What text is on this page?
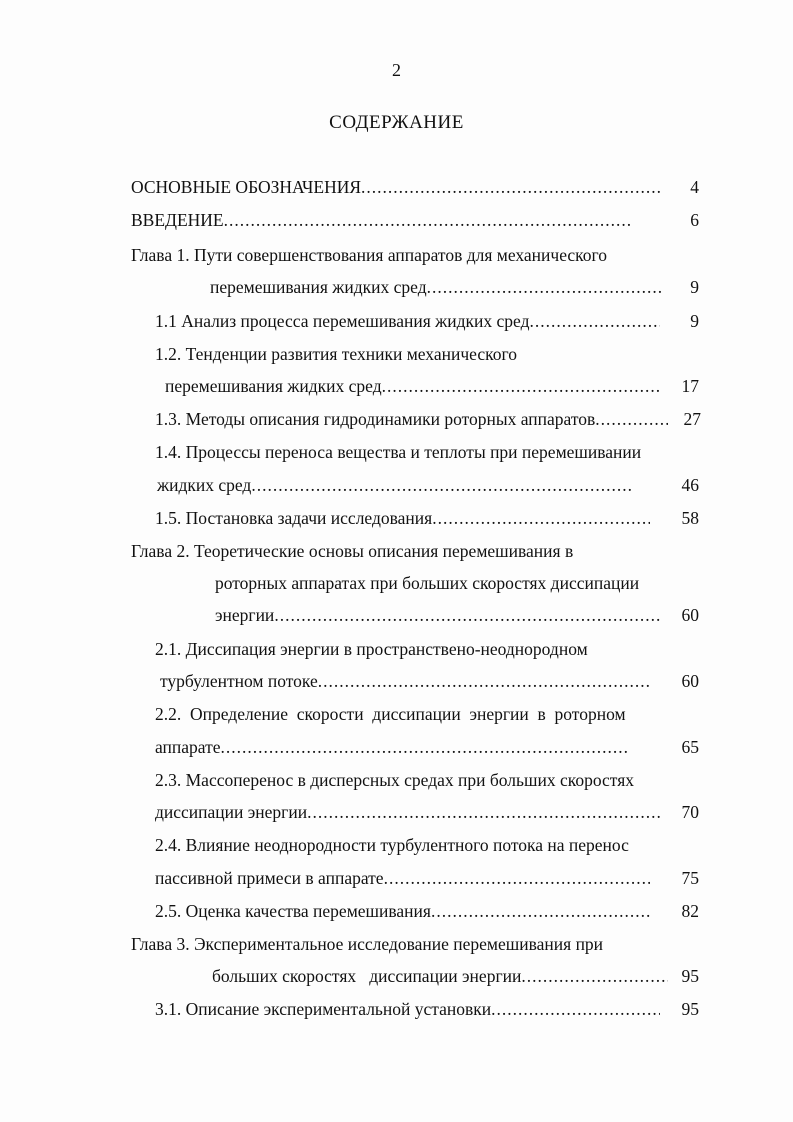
2
СОДЕРЖАНИЕ
ОСНОВНЫЕ ОБОЗНАЧЕНИЯ .....	4
ВВЕДЕНИЕ .....	6
Глава 1. Пути совершенствования аппаратов для механического
перемешивания жидких сред .....	9
1.1 Анализ процесса перемешивания жидких сред .....	9
1.2. Тенденции развития техники механического
перемешивания жидких сред .....	17
1.3. Методы описания гидродинамики роторных аппаратов .....	27
1.4. Процессы переноса вещества и теплоты при перемешивании
жидких сред .....	46
1.5. Постановка задачи исследования .....	58
Глава 2. Теоретические основы описания перемешивания в
роторных аппаратах при больших скоростях диссипации
энергии .....	60
2.1. Диссипация энергии в пространствено-неоднородном
турбулентном потоке .....	60
2.2.  Определение  скорости  диссипации  энергии  в  роторном
аппарате .....	65
2.3. Массоперенос в дисперсных средах при больших скоростях
диссипации энергии .....	70
2.4. Влияние неоднородности турбулентного потока на перенос
пассивной примеси в аппарате .....	75
2.5. Оценка качества перемешивания .....	82
Глава 3. Экспериментальное исследование перемешивания при
больших скоростях   диссипации энергии .....	95
3.1. Описание экспериментальной установки .....	95
